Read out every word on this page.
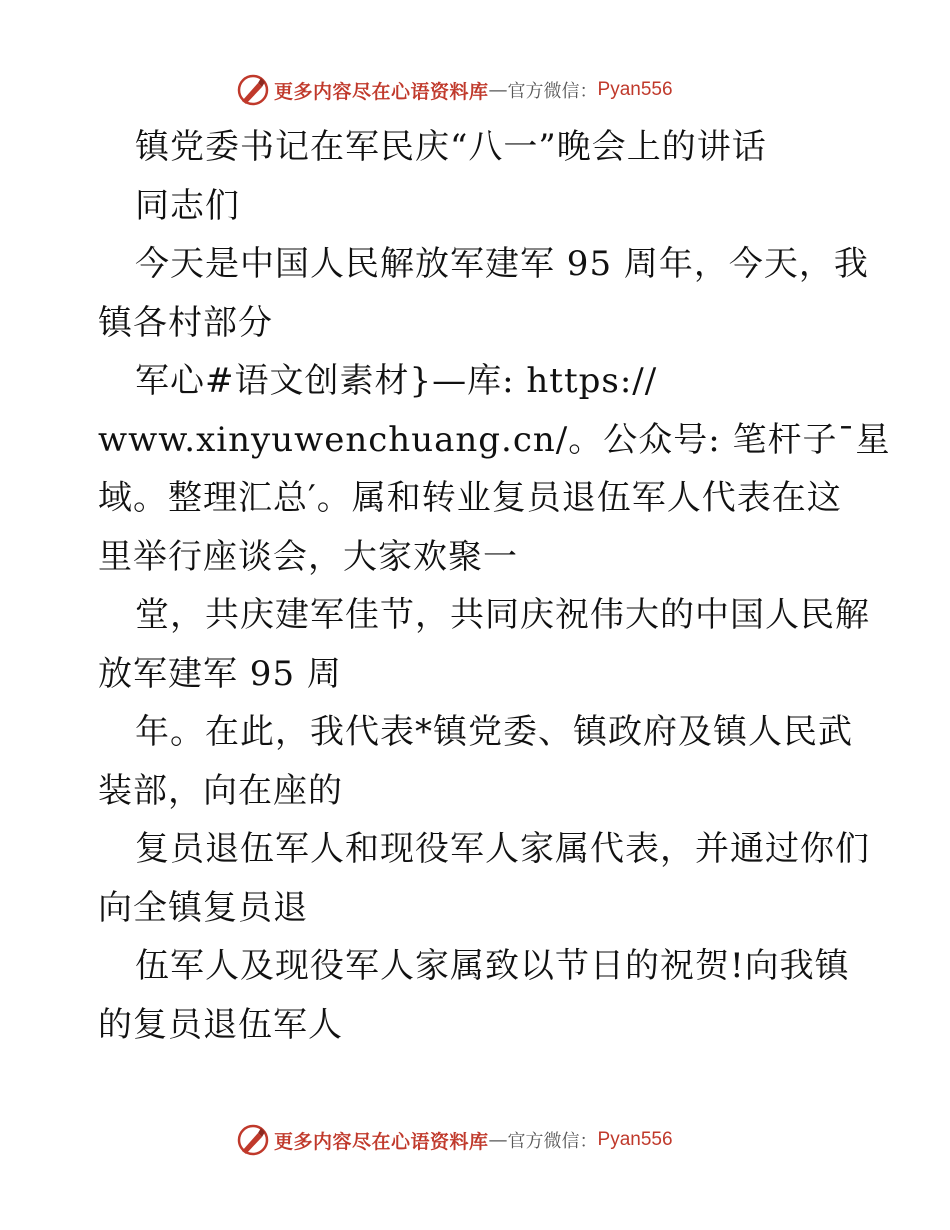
更多内容尽在心语资料库 — 官方微信： Pyan556
镇党委书记在军民庆“八一”晚会上的讲话
同志们
今天是中国人民解放军建军 95 周年，今天，我
镇各村部分
军心#语文创素材}—库: https://
www.xinyuwenchuang.cn/。公众号: 笔杆子¯星
域。整理汇总′。属和转业复员退伍军人代表在这
里举行座谈会，大家欢聚一
堂，共庆建军佳节，共同庆祝伟大的中国人民解
放军建军 95 周
年。在此，我代表*镇党委、镇政府及镇人民武
装部，向在座的
复员退伍军人和现役军人家属代表，并通过你们
向全镇复员退
伍军人及现役军人家属致以节日的祝贺!向我镇
的复员退伍军人
更多内容尽在心语资料库 — 官方微信： Pyan556
